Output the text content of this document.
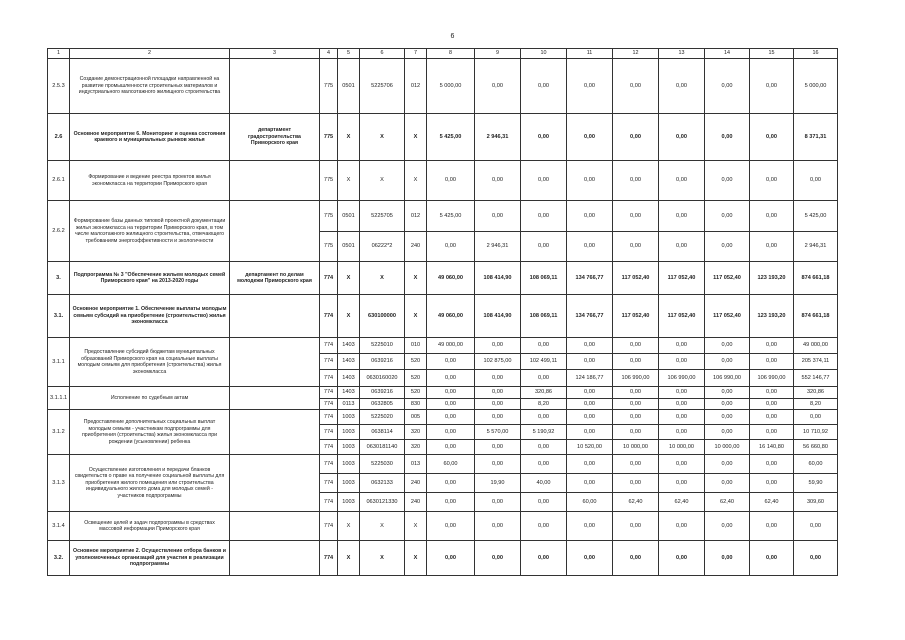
6
1	2	3	4	5	6	7	8	9	10	11	12	13	14	15	16
2.5.3	Создание демонстрационной площадки направленной на развитие промышленности строительных материалов и индустриального малоэтажного жилищного строительства		775	0501	5225706	012	5 000,00	0,00	0,00	0,00	0,00	0,00	0,00	0,00	5 000,00
2.6	Основное мероприятие 6. Мониторинг и оценка состояния краевого и муниципальных рынков жилья	департамент градостроительства Приморского края	775	X	X	X	5 425,00	2 946,31	0,00	0,00	0,00	0,00	0,00	0,00	8 371,31
2.6.1	Формирование и ведение реестра проектов жилья экономкласса на территории Приморского края		775	X	X	X	0,00	0,00	0,00	0,00	0,00	0,00	0,00	0,00	0,00
2.6.2	Формирование базы данных типовой проектной документации жилья экономкласса на территории Приморского края, в том числе малоэтажного жилищного строительства, отвечающего требованиям энергоэффективности и экологичности		775	0501	5225705	012	5 425,00	0,00	0,00	0,00	0,00	0,00	0,00	0,00	5 425,00
			775	0501	06222*2	240	0,00	2 946,31	0,00	0,00	0,00	0,00	0,00	0,00	2 946,31
3.	Подпрограмма № 3 "Обеспечение жильем молодых семей Приморского края" на 2013-2020 годы	департамент по делам молодежи Приморского края	774	X	X	X	49 060,00	108 414,90	108 069,11	134 766,77	117 052,40	117 052,40	117 052,40	123 193,20	874 661,18
3.1.	Основное мероприятие 1. Обеспечение выплаты молодым семьям субсидий на приобретение (строительство) жилья экономкласса		774	X	630100000	X	49 060,00	108 414,90	108 069,11	134 766,77	117 052,40	117 052,40	117 052,40	123 193,20	874 661,18
3.1.1	Предоставление субсидий бюджетам муниципальных образований Приморского края на социальные выплаты молодым семьям для приобретения (строительства) жилья экономкласса		774	1403	5225010	010	49 000,00	0,00	0,00	0,00	0,00	0,00	0,00	0,00	49 000,00
			774	1403	0639216	520	0,00	102 875,00	102 499,11	0,00	0,00	0,00	0,00	0,00	205 374,11
			774	1403	0630160020	520	0,00	0,00	0,00	124 186,77	106 990,00	106 990,00	106 990,00	106 990,00	552 146,77
3.1.1.1	Исполнение по судебным актам		774	1403	0639216	520	0,00	0,00	320,86	0,00	0,00	0,00	0,00	0,00	320,86
			774	0113	0632805	830	0,00	0,00	8,20	0,00	0,00	0,00	0,00	0,00	8,20
3.1.2	Предоставление дополнительных социальных выплат молодым семьям - участникам подпрограммы для приобретения (строительства) жилья экономкласса при рождении (усыновлении) ребенка		774	1003	5225020	005	0,00	0,00	0,00	0,00	0,00	0,00	0,00	0,00	0,00
			774	1003	0638114	320	0,00	5 570,00	5 190,92	0,00	0,00	0,00	0,00	0,00	10 710,92
			774	1003	0630181140	320	0,00	0,00	0,00	10 520,00	10 000,00	10 000,00	10 000,00	16 140,80	56 660,80
3.1.3	Осуществление изготовления и передачи бланков свидетельств о праве на получение социальной выплаты для приобретения жилого помещения или строительства индивидуального жилого дома для молодых семей - участников подпрограммы		774	1003	5225030	013	60,00	0,00	0,00	0,00	0,00	0,00	0,00	0,00	60,00
			774	1003	0632133	240	0,00	19,90	40,00	0,00	0,00	0,00	0,00	0,00	59,90
			774	1003	0630121330	240	0,00	0,00	0,00	60,00	62,40	62,40	62,40	62,40	309,60
3.1.4	Освещение целей и задач подпрограммы в средствах массовой информации Приморского края		774	X	X	X	0,00	0,00	0,00	0,00	0,00	0,00	0,00	0,00	0,00
3.2.	Основное мероприятие 2. Осуществление отбора банков и уполномоченных организаций для участия в реализации подпрограммы		774	X	X	X	0,00	0,00	0,00	0,00	0,00	0,00	0,00	0,00	0,00
